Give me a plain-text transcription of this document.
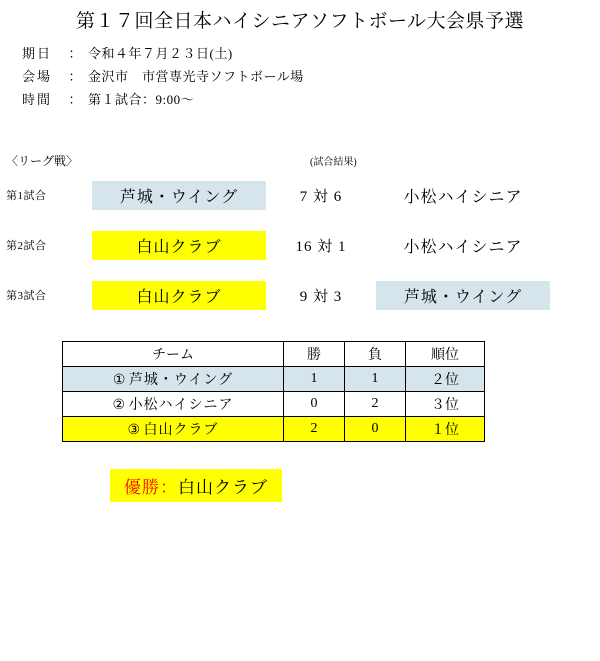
第１７回全日本ハイシニアソフトボール大会県予選
期日	： 令和４年７月２３日(土)
会場	： 金沢市　市営専光寺ソフトボール場
時間	： 第１試合：9:00～
〈リーグ戦〉	(試合結果)
第1試合	芦城・ウイング	7 対 6	小松ハイシニア
第2試合	白山クラブ	16 対 1	小松ハイシニア
第3試合	白山クラブ	9 対 3	芦城・ウイング
チーム	勝	負	順位
① 芦城・ウイング	1	1	２位
② 小松ハイシニア	0	2	３位
③ 白山クラブ	2	0	１位
優勝：白山クラブ
